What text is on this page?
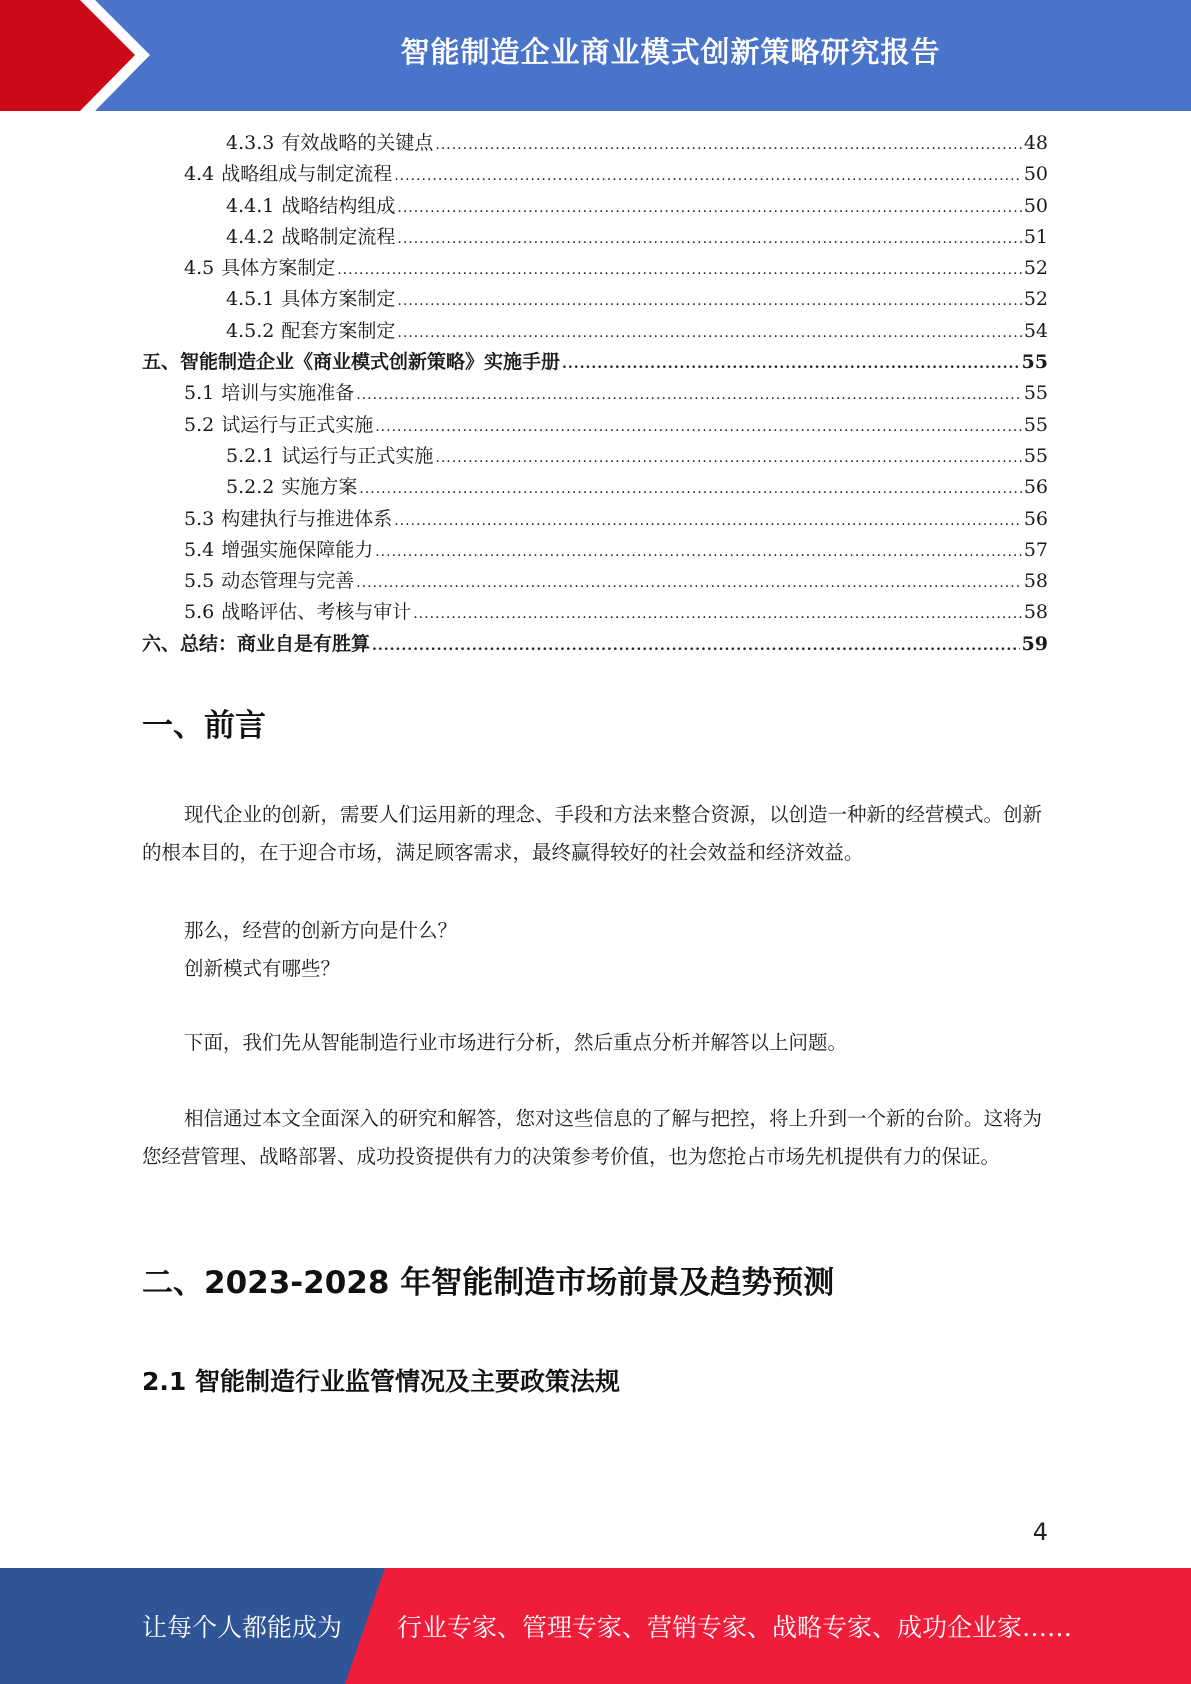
智能制造企业商业模式创新策略研究报告
4.3.3 有效战略的关键点 .....	48
4.4 战略组成与制定流程 .....	50
4.4.1 战略结构组成 .....	50
4.4.2 战略制定流程 .....	51
4.5 具体方案制定 .....	52
4.5.1 具体方案制定 .....	52
4.5.2 配套方案制定 .....	54
五、 智能制造企业《商业模式创新策略》实施手册 .....	55
5.1 培训与实施准备 .....	55
5.2 试运行与正式实施 .....	55
5.2.1 试运行与正式实施 .....	55
5.2.2 实施方案 .....	56
5.3 构建执行与推进体系 .....	56
5.4 增强实施保障能力 .....	57
5.5 动态管理与完善 .....	58
5.6 战略评估、考核与审计 .....	58
六、 总结：商业自是有胜算 .....	59
一、前言

现代企业的创新，需要人们运用新的理念、手段和方法来整合资源，以创造一种新的经营模式。创新的根本目的，在于迎合市场，满足顾客需求，最终赢得较好的社会效益和经济效益。

那么，经营的创新方向是什么？
创新模式有哪些？

下面，我们先从智能制造行业市场进行分析，然后重点分析并解答以上问题。

相信通过本文全面深入的研究和解答，您对这些信息的了解与把控，将上升到一个新的台阶。这将为您经营管理、战略部署、成功投资提供有力的决策参考价值，也为您抢占市场先机提供有力的保证。

二、2023-2028 年智能制造市场前景及趋势预测
2.1 智能制造行业监管情况及主要政策法规
4
让每个人都能成为 行业专家、管理专家、营销专家、战略专家、成功企业家……
